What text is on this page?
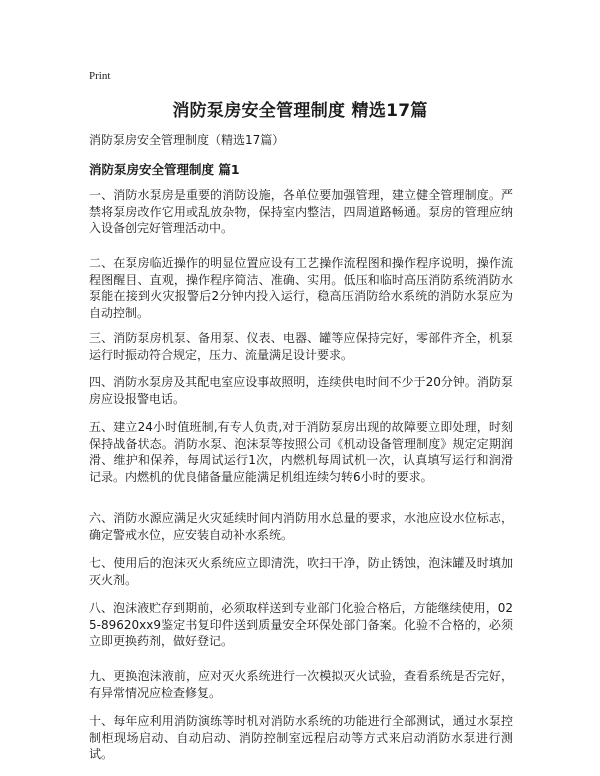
Print
消防泵房安全管理制度 精选17篇

消防泵房安全管理制度（精选17篇）

消防泵房安全管理制度 篇1

一、消防水泵房是重要的消防设施，各单位要加强管理，建立健全管理制度。严禁将泵房改作它用或乱放杂物，保持室内整洁，四周道路畅通。泵房的管理应纳入设备创完好管理活动中。

二、在泵房临近操作的明显位置应设有工艺操作流程图和操作程序说明，操作流程图醒目、直观，操作程序简洁、准确、实用。低压和临时高压消防系统消防水泵能在接到火灾报警后2分钟内投入运行，稳高压消防给水系统的消防水泵应为自动控制。

三、消防泵房机泵、备用泵、仪表、电器、罐等应保持完好，零部件齐全，机泵运行时振动符合规定，压力、流量满足设计要求。

四、消防水泵房及其配电室应设事故照明，连续供电时间不少于20分钟。消防泵房应设报警电话。

五、建立24小时值班制,有专人负责,对于消防泵房出现的故障要立即处理，时刻保持战备状态。消防水泵、泡沫泵等按照公司《机动设备管理制度》规定定期润滑、维护和保养，每周试运行1次，内燃机每周试机一次，认真填写运行和润滑记录。内燃机的优良储备量应能满足机组连续匀转6小时的要求。

六、消防水源应满足火灾延续时间内消防用水总量的要求，水池应设水位标志，确定警戒水位，应安装自动补水系统。

七、使用后的泡沫灭火系统应立即清洗，吹扫干净，防止锈蚀，泡沫罐及时填加灭火剂。

八、泡沫液贮存到期前，必须取样送到专业部门化验合格后，方能继续使用，025-89620xx9鉴定书复印件送到质量安全环保处部门备案。化验不合格的，必须立即更换药剂，做好登记。

九、更换泡沫液前，应对灭火系统进行一次模拟灭火试验，查看系统是否完好，有异常情况应检查修复。

十、每年应利用消防演练等时机对消防水系统的功能进行全部测试，通过水泵控制柜现场启动、自动启动、消防控制室远程启动等方式来启动消防水泵进行测试。
